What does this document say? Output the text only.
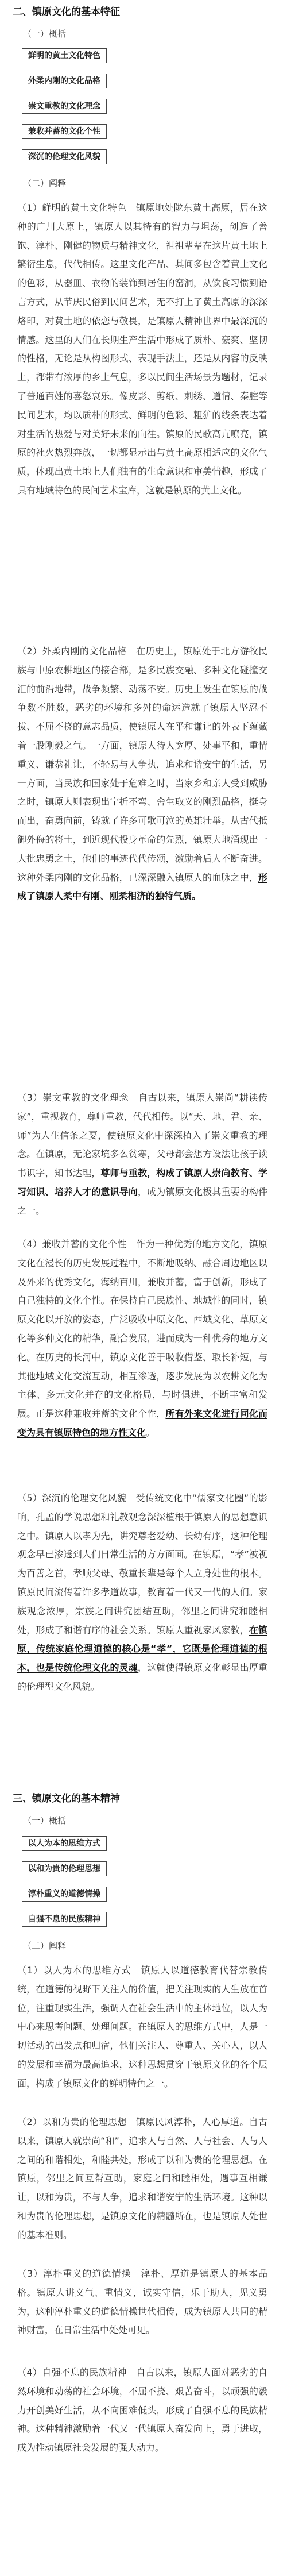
二、镇原文化的基本特征
（一）概括
鲜明的黄土文化特色
外柔内刚的文化品格
崇文重教的文化理念
兼收并蓄的文化个性
深沉的伦理文化风貌
（二）阐释
（1）鲜明的黄土文化特色　镇原地处陇东黄土高原，居在这种的广川大原上，镇原人以其特有的智力与坦荡，创造了善饱、淳朴、刚健的物质与精神文化，祖祖辈辈在这片黄土地上繁衍生息，代代相传。这里文化产品、其间多包含着黄土文化的色彩，从器皿、衣物的装饰到居住的窑洞，从饮食习惯到语言方式，从节庆民俗到民间艺术，无不打上了黄土高原的深深烙印，对黄土地的依恋与敬畏，是镇原人精神世界中最深沉的情感。这里的人们在长期生产生活中形成了质朴、豪爽、坚韧的性格，无论是从构图形式、表现手法上，还是从内容的反映上，都带有浓厚的乡土气息，多以民间生活场景为题材，记录了普通百姓的喜怒哀乐。像皮影、剪纸、刺绣、道情、秦腔等民间艺术，均以质朴的形式、鲜明的色彩、粗犷的线条表达着对生活的热爱与对美好未来的向往。镇原的民歌高亢嘹亮，镇原的社火热烈奔放，一切都显示出与黄土高原相适应的文化气质，体现出黄土地上人们独有的生命意识和审美情趣，形成了具有地域特色的民间艺术宝库，这就是镇原的黄土文化。
（2）外柔内刚的文化品格　在历史上，镇原处于北方游牧民族与中原农耕地区的接合部，是多民族交融、多种文化碰撞交汇的前沿地带，战争频繁、动荡不安。历史上发生在镇原的战争数不胜数，恶劣的环境和多舛的命运造就了镇原人坚忍不拔、不屈不挠的意志品质，使镇原人在平和谦让的外表下蕴藏着一股刚毅之气。一方面，镇原人待人宽厚、处事平和，重情重义、谦恭礼让，不轻易与人争执，追求和谐安宁的生活，另一方面，当民族和国家处于危难之时，当家乡和亲人受到威胁之时，镇原人则表现出宁折不弯、舍生取义的刚烈品格，挺身而出，奋勇向前，铸就了许多可歌可泣的英雄壮举。从古代抵御外侮的将士，到近现代投身革命的先烈，镇原大地涌现出一大批忠勇之士，他们的事迹代代传颂，激励着后人不断奋进。这种外柔内刚的文化品格，已深深融入镇原人的血脉之中，形成了镇原人柔中有刚、刚柔相济的独特气质。
（3）崇文重教的文化理念　自古以来，镇原人崇尚“耕读传家”，重视教育，尊师重教，代代相传。以“天、地、君、亲、师”为人生信条之要，使镇原文化中深深植入了崇文重教的理念。在镇原，无论家境多么贫寒，父母都会想方设法让孩子读书识字，知书达理，尊师与重教，构成了镇原人崇尚教育、学习知识、培养人才的意识导向，成为镇原文化极其重要的构件之一。
（4）兼收并蓄的文化个性　作为一种优秀的地方文化，镇原文化在漫长的历史发展过程中，不断地吸纳、融合周边地区以及外来的优秀文化，海纳百川，兼收并蓄，富于创新，形成了自己独特的文化个性。在保持自己民族性、地域性的同时，镇原文化以开放的姿态，广泛吸收中原文化、西域文化、草原文化等多种文化的精华，融合发展，进而成为一种优秀的地方文化。在历史的长河中，镇原文化善于吸收借鉴、取长补短，与其他地域文化交流互动，相互渗透，逐步发展为以农耕文化为主体、多元文化并存的文化格局，与时俱进，不断丰富和发展。正是这种兼收并蓄的文化个性，所有外来文化进行同化而变为具有镇原特色的地方性文化。
（5）深沉的伦理文化风貌　受传统文化中“儒家文化圈”的影响，孔孟的学说思想和礼教观念深深植根于镇原人的思想意识之中。镇原人以孝为先，讲究尊老爱幼、长幼有序，这种伦理观念早已渗透到人们日常生活的方方面面。在镇原，“孝”被视为百善之首，孝顺父母、敬重长辈是每个人立身处世的根本。镇原民间流传着许多孝道故事，教育着一代又一代的人们。家族观念浓厚，宗族之间讲究团结互助，邻里之间讲究和睦相处，形成了和谐有序的社会关系。镇原人重视家风家教，在镇原，传统家庭伦理道德的核心是“孝”，它既是伦理道德的根本，也是传统伦理文化的灵魂，这就使得镇原文化彰显出厚重的伦理型文化风貌。
三、镇原文化的基本精神
（一）概括
以人为本的思维方式
以和为贵的伦理思想
淳朴重义的道德情操
自强不息的民族精神
（二）阐释
（1）以人为本的思维方式　镇原人以道德教育代替宗教传统，在道德的视野下关注人的价值，把关注现实的人生放在首位，注重现实生活，强调人在社会生活中的主体地位，以人为中心来思考问题、处理问题。在镇原人的思维方式中，人是一切活动的出发点和归宿，他们关注人、尊重人、关心人，以人的发展和幸福为最高追求，这种思想贯穿于镇原文化的各个层面，构成了镇原文化的鲜明特色之一。
（2）以和为贵的伦理思想　镇原民风淳朴，人心厚道。自古以来，镇原人就崇尚“和”，追求人与自然、人与社会、人与人之间的和谐相处，和睦共处，形成了以和为贵的伦理思想。在镇原，邻里之间互帮互助，家庭之间和睦相处，遇事互相谦让，以和为贵，不与人争，追求和谐安宁的生活环境。这种以和为贵的伦理思想，是镇原文化的精髓所在，也是镇原人处世的基本准则。
（3）淳朴重义的道德情操　淳朴、厚道是镇原人的基本品格。镇原人讲义气、重情义，诚实守信，乐于助人，见义勇为，这种淳朴重义的道德情操世代相传，成为镇原人共同的精神财富，在日常生活中处处可见。
（4）自强不息的民族精神　自古以来，镇原人面对恶劣的自然环境和动荡的社会环境，不屈不挠、艰苦奋斗，以顽强的毅力开创美好生活，从不向困难低头，形成了自强不息的民族精神。这种精神激励着一代又一代镇原人奋发向上，勇于进取，成为推动镇原社会发展的强大动力。
